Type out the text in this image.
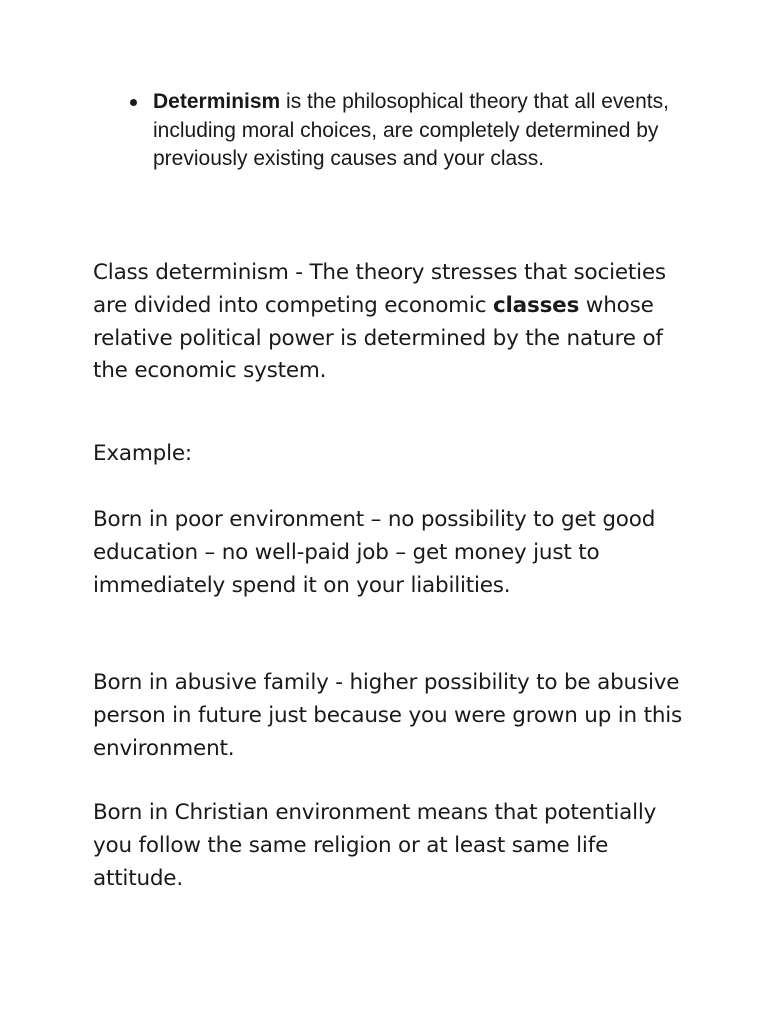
Determinism is the philosophical theory that all events, including moral choices, are completely determined by previously existing causes and your class.

Class determinism - The theory stresses that societies are divided into competing economic classes whose relative political power is determined by the nature of the economic system.

Example:

Born in poor environment – no possibility to get good education – no well-paid job – get money just to immediately spend it on your liabilities.

Born in abusive family - higher possibility to be abusive person in future just because you were grown up in this environment.

Born in Christian environment means that potentially you follow the same religion or at least same life attitude.
